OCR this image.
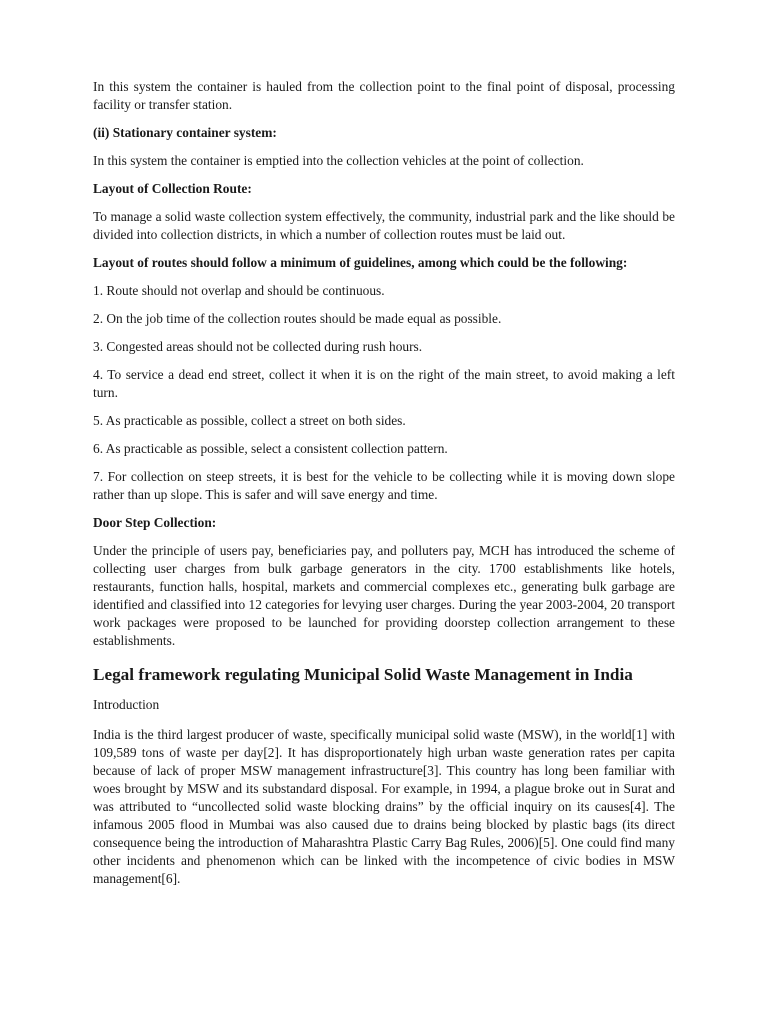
In this system the container is hauled from the collection point to the final point of disposal, processing facility or transfer station.

(ii) Stationary container system:

In this system the container is emptied into the collection vehicles at the point of collection.

Layout of Collection Route:

To manage a solid waste collection system effectively, the community, industrial park and the like should be divided into collection districts, in which a number of collection routes must be laid out.

Layout of routes should follow a minimum of guidelines, among which could be the following:

1. Route should not overlap and should be continuous.

2. On the job time of the collection routes should be made equal as possible.

3. Congested areas should not be collected during rush hours.

4. To service a dead end street, collect it when it is on the right of the main street, to avoid making a left turn.

5. As practicable as possible, collect a street on both sides.

6. As practicable as possible, select a consistent collection pattern.

7. For collection on steep streets, it is best for the vehicle to be collecting while it is moving down slope rather than up slope. This is safer and will save energy and time.

Door Step Collection:

Under the principle of users pay, beneficiaries pay, and polluters pay, MCH has introduced the scheme of collecting user charges from bulk garbage generators in the city. 1700 establishments like hotels, restaurants, function halls, hospital, markets and commercial complexes etc., generating bulk garbage are identified and classified into 12 categories for levying user charges. During the year 2003-2004, 20 transport work packages were proposed to be launched for providing doorstep collection arrangement to these establishments.

Legal framework regulating Municipal Solid Waste Management in India

Introduction

India is the third largest producer of waste, specifically municipal solid waste (MSW), in the world[1] with 109,589 tons of waste per day[2]. It has disproportionately high urban waste generation rates per capita because of lack of proper MSW management infrastructure[3]. This country has long been familiar with woes brought by MSW and its substandard disposal. For example, in 1994, a plague broke out in Surat and was attributed to “uncollected solid waste blocking drains” by the official inquiry on its causes[4]. The infamous 2005 flood in Mumbai was also caused due to drains being blocked by plastic bags (its direct consequence being the introduction of Maharashtra Plastic Carry Bag Rules, 2006)[5]. One could find many other incidents and phenomenon which can be linked with the incompetence of civic bodies in MSW management[6].
